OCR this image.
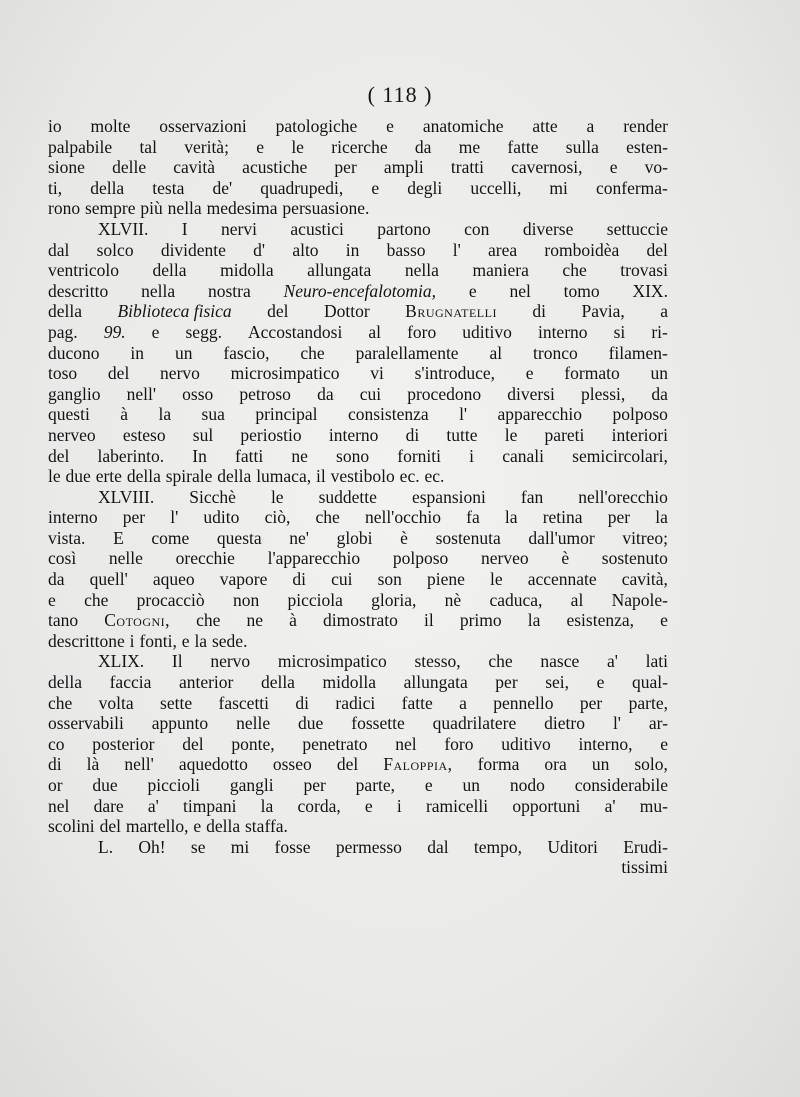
( 118 )
io molte osservazioni patologiche e anatomiche atte a render
palpabile tal verità; e le ricerche da me fatte sulla esten-
sione delle cavità acustiche per ampli tratti cavernosi, e vo-
ti, della testa de' quadrupedi, e degli uccelli, mi conferma-
rono sempre più nella medesima persuasione.
XLVII. I nervi acustici partono con diverse settuccie
dal solco dividente d' alto in basso l' area romboidèa del
ventricolo della midolla allungata nella maniera che trovasi
descritto nella nostra Neuro-encefalotomia, e nel tomo XIX.
della Biblioteca fisica del Dottor Brugnatelli di Pavia, a
pag. 99. e segg. Accostandosi al foro uditivo interno si ri-
ducono in un fascio, che paralellamente al tronco filamen-
toso del nervo microsimpatico vi s'introduce, e formato un
ganglio nell' osso petroso da cui procedono diversi plessi, da
questi à la sua principal consistenza l' apparecchio polposo
nerveo esteso sul periostio interno di tutte le pareti interiori
del laberinto. In fatti ne sono forniti i canali semicircolari,
le due erte della spirale della lumaca, il vestibolo ec. ec.
XLVIII. Sicchè le suddette espansioni fan nell'orecchio
interno per l' udito ciò, che nell'occhio fa la retina per la
vista. E come questa ne' globi è sostenuta dall'umor vitreo;
così nelle orecchie l'apparecchio polposo nerveo è sostenuto
da quell' aqueo vapore di cui son piene le accennate cavità,
e che procacciò non picciola gloria, nè caduca, al Napole-
tano Cotogni, che ne à dimostrato il primo la esistenza, e
descrittone i fonti, e la sede.
XLIX. Il nervo microsimpatico stesso, che nasce a' lati
della faccia anterior della midolla allungata per sei, e qual-
che volta sette fascetti di radici fatte a pennello per parte,
osservabili appunto nelle due fossette quadrilatere dietro l' ar-
co posterior del ponte, penetrato nel foro uditivo interno, e
di là nell' aquedotto osseo del Faloppia, forma ora un solo,
or due piccioli gangli per parte, e un nodo considerabile
nel dare a' timpani la corda, e i ramicelli opportuni a' mu-
scolini del martello, e della staffa.
L. Oh! se mi fosse permesso dal tempo, Uditori Erudi-
tissimi
